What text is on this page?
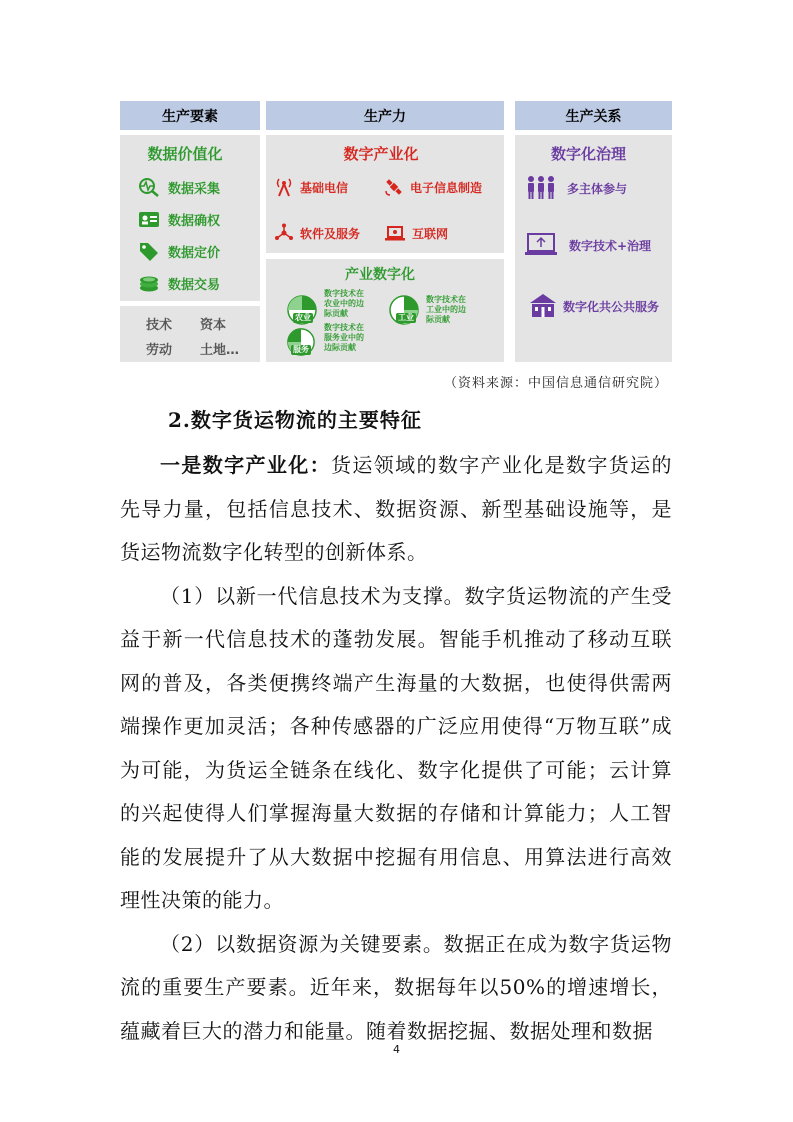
生产要素	生产力	生产关系
数据价值化
数据采集
数据确权
数据定价
数据交易
技术 资本
劳动 土地…
数字产业化
基础电信	电子信息制造
软件及服务	互联网
产业数字化
农业
数字技术在农业中的边际贡献	工业
数字技术在工业中的边际贡献
服务
数字技术在服务业中的边际贡献
数字化治理
多主体参与
数字技术+治理
数字化共公共服务
（资料来源：中国信息通信研究院）
2.数字货运物流的主要特征

一是数字产业化：货运领域的数字产业化是数字货运的先导力量，包括信息技术、数据资源、新型基础设施等，是货运物流数字化转型的创新体系。

（1）以新一代信息技术为支撑。数字货运物流的产生受益于新一代信息技术的蓬勃发展。智能手机推动了移动互联网的普及，各类便携终端产生海量的大数据，也使得供需两端操作更加灵活；各种传感器的广泛应用使得“万物互联”成为可能，为货运全链条在线化、数字化提供了可能；云计算的兴起使得人们掌握海量大数据的存储和计算能力；人工智能的发展提升了从大数据中挖掘有用信息、用算法进行高效理性决策的能力。

（2）以数据资源为关键要素。数据正在成为数字货运物流的重要生产要素。近年来，数据每年以50%的增速增长，蕴藏着巨大的潜力和能量。随着数据挖掘、数据处理和数据

4
